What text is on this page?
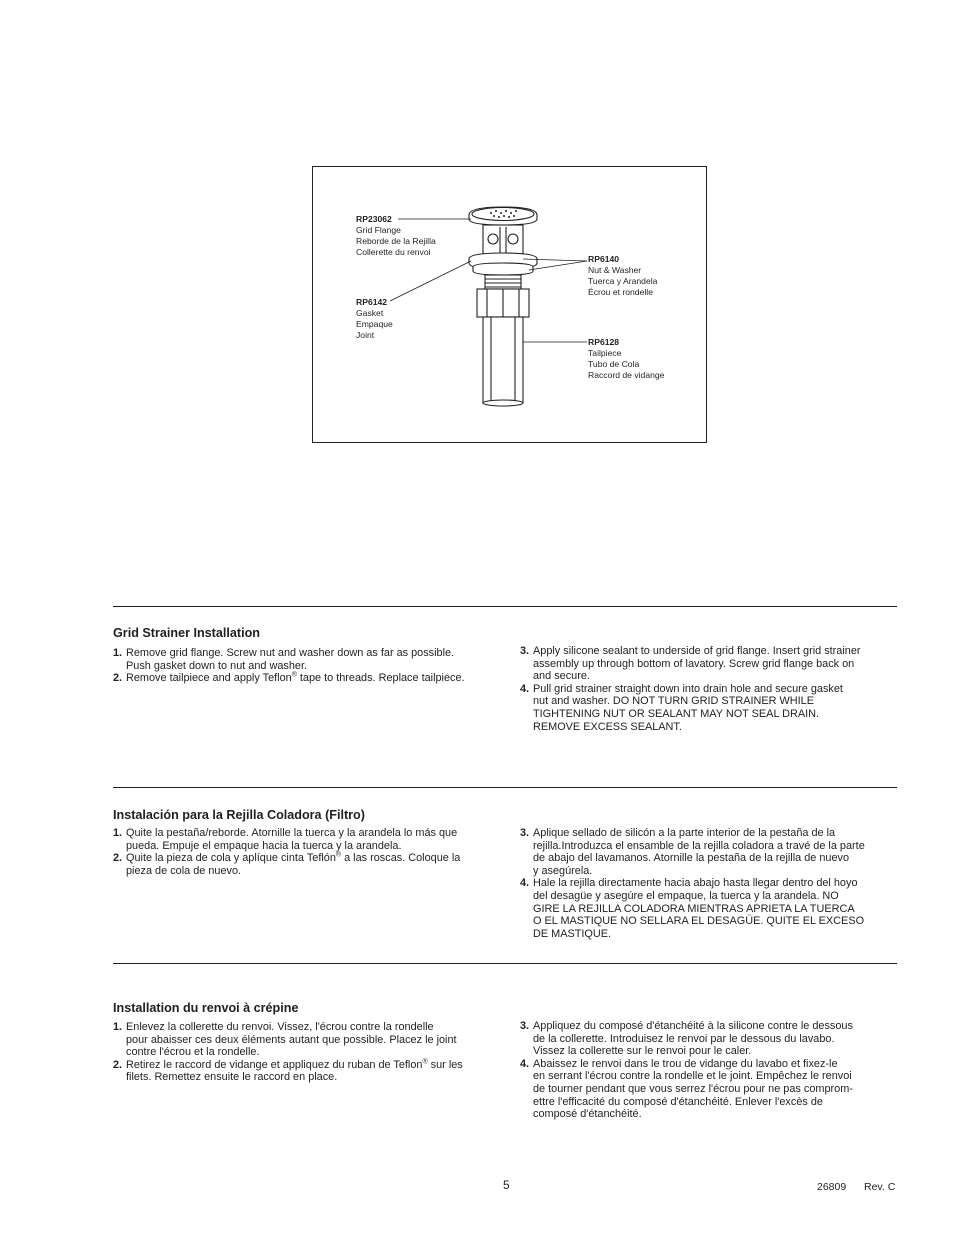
RP23062
Grid Flange
Reborde de la Rejilla
Collerette du renvoi
RP6142
Gasket
Empaque
Joint
RP6140
Nut & Washer
Tuerca y Arandela
Écrou et rondelle
RP6128
Tailpiece
Tubo de Cola
Raccord de vidange
Grid Strainer Installation

1. Remove grid flange. Screw nut and washer down as far as possible.
Push gasket down to nut and washer.

2. Remove tailpiece and apply Teflon® tape to threads. Replace tailpiece.

3. Apply silicone sealant to underside of grid flange. Insert grid strainer
assembly up through bottom of lavatory. Screw grid flange back on
and secure.

4. Pull grid strainer straight down into drain hole and secure gasket
nut and washer. DO NOT TURN GRID STRAINER WHILE
TIGHTENING NUT OR SEALANT MAY NOT SEAL DRAIN.
REMOVE EXCESS SEALANT.

Instalación para la Rejilla Coladora (Filtro)

1. Quite la pestaña/reborde. Atornille la tuerca y la arandela lo más que
pueda. Empuje el empaque hacia la tuerca y la arandela.

2. Quite la pieza de cola y aplíque cinta Teflón® a las roscas. Coloque la
pieza de cola de nuevo.

3. Aplique sellado de silicón a la parte interior de la pestaña de la
rejilla.Introduzca el ensamble de la rejilla coladora a travé de la parte
de abajo del lavamanos. Atornille la pestaña de la rejilla de nuevo
y asegúrela.

4. Hale la rejilla directamente hacia abajo hasta llegar dentro del hoyo
del desagüe y asegúre el empaque, la tuerca y la arandela. NO
GIRE LA REJILLA COLADORA MIENTRAS APRIETA LA TUERCA
O EL MASTIQUE NO SELLARA EL DESAGÜE. QUITE EL EXCESO
DE MASTIQUE.

Installation du renvoi à crépine

1. Enlevez la collerette du renvoi. Vissez, l'écrou contre la rondelle
pour abaisser ces deux éléments autant que possible. Placez le joint
contre l'écrou et la rondelle.

2. Retirez le raccord de vidange et appliquez du ruban de Teflon® sur les
filets. Remettez ensuite le raccord en place.

3. Appliquez du composé d'étanchéité à la silicone contre le dessous
de la collerette. Introduisez le renvoi par le dessous du lavabo.
Vissez la collerette sur le renvoi pour le caler.

4. Abaissez le renvoi dans le trou de vidange du lavabo et fixez-le
en serrant l'écrou contre la rondelle et le joint. Empêchez le renvoi
de tourner pendant que vous serrez l'écrou pour ne pas comprom-
ettre l'efficacité du composé d'étanchéité. Enlever l'excès de
composé d'étanchéité.

5	26809 Rev. C
